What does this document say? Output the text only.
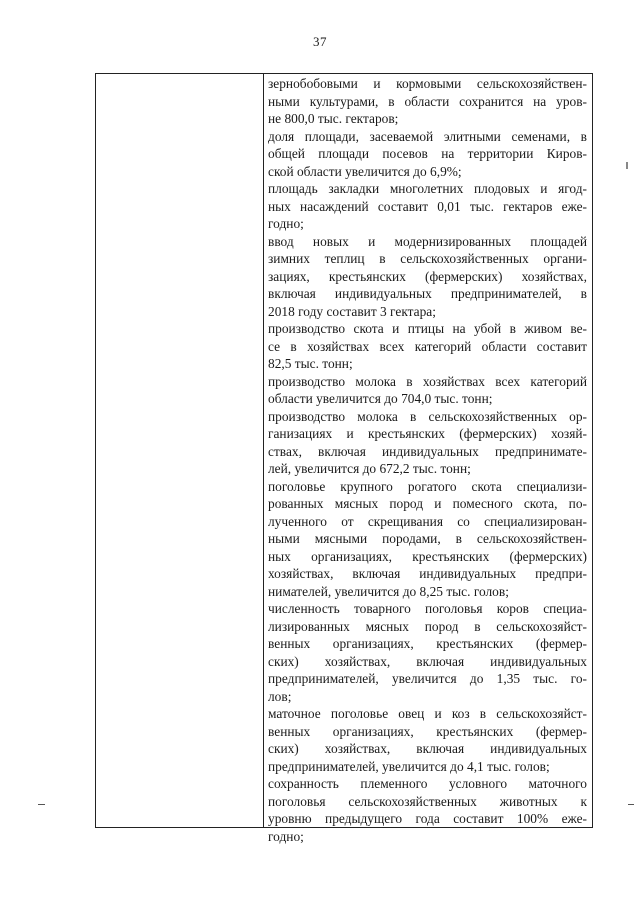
37
зернобобовыми и кормовыми сельскохозяйствен-
ными культурами, в области сохранится на уров-
не 800,0 тыс. гектаров;
доля площади, засеваемой элитными семенами, в
общей площади посевов на территории Киров-
ской области увеличится до 6,9%;
площадь закладки многолетних плодовых и ягод-
ных насаждений составит 0,01 тыс. гектаров еже-
годно;
ввод новых и модернизированных площадей
зимних теплиц в сельскохозяйственных органи-
зациях, крестьянских (фермерских) хозяйствах,
включая индивидуальных предпринимателей, в
2018 году составит 3 гектара;
производство скота и птицы на убой в живом ве-
се в хозяйствах всех категорий области составит
82,5 тыс. тонн;
производство молока в хозяйствах всех категорий
области увеличится до 704,0 тыс. тонн;
производство молока в сельскохозяйственных ор-
ганизациях и крестьянских (фермерских) хозяй-
ствах, включая индивидуальных предпринимате-
лей, увеличится до 672,2 тыс. тонн;
поголовье крупного рогатого скота специализи-
рованных мясных пород и помесного скота, по-
лученного от скрещивания со специализирован-
ными мясными породами, в сельскохозяйствен-
ных организациях, крестьянских (фермерских)
хозяйствах, включая индивидуальных предпри-
нимателей, увеличится до 8,25 тыс. голов;
численность товарного поголовья коров специа-
лизированных мясных пород в сельскохозяйст-
венных организациях, крестьянских (фермер-
ских) хозяйствах, включая индивидуальных
предпринимателей, увеличится до 1,35 тыс. го-
лов;
маточное поголовье овец и коз в сельскохозяйст-
венных организациях, крестьянских (фермер-
ских) хозяйствах, включая индивидуальных
предпринимателей, увеличится до 4,1 тыс. голов;
сохранность племенного условного маточного
поголовья сельскохозяйственных животных к
уровню предыдущего года составит 100% еже-
годно;
